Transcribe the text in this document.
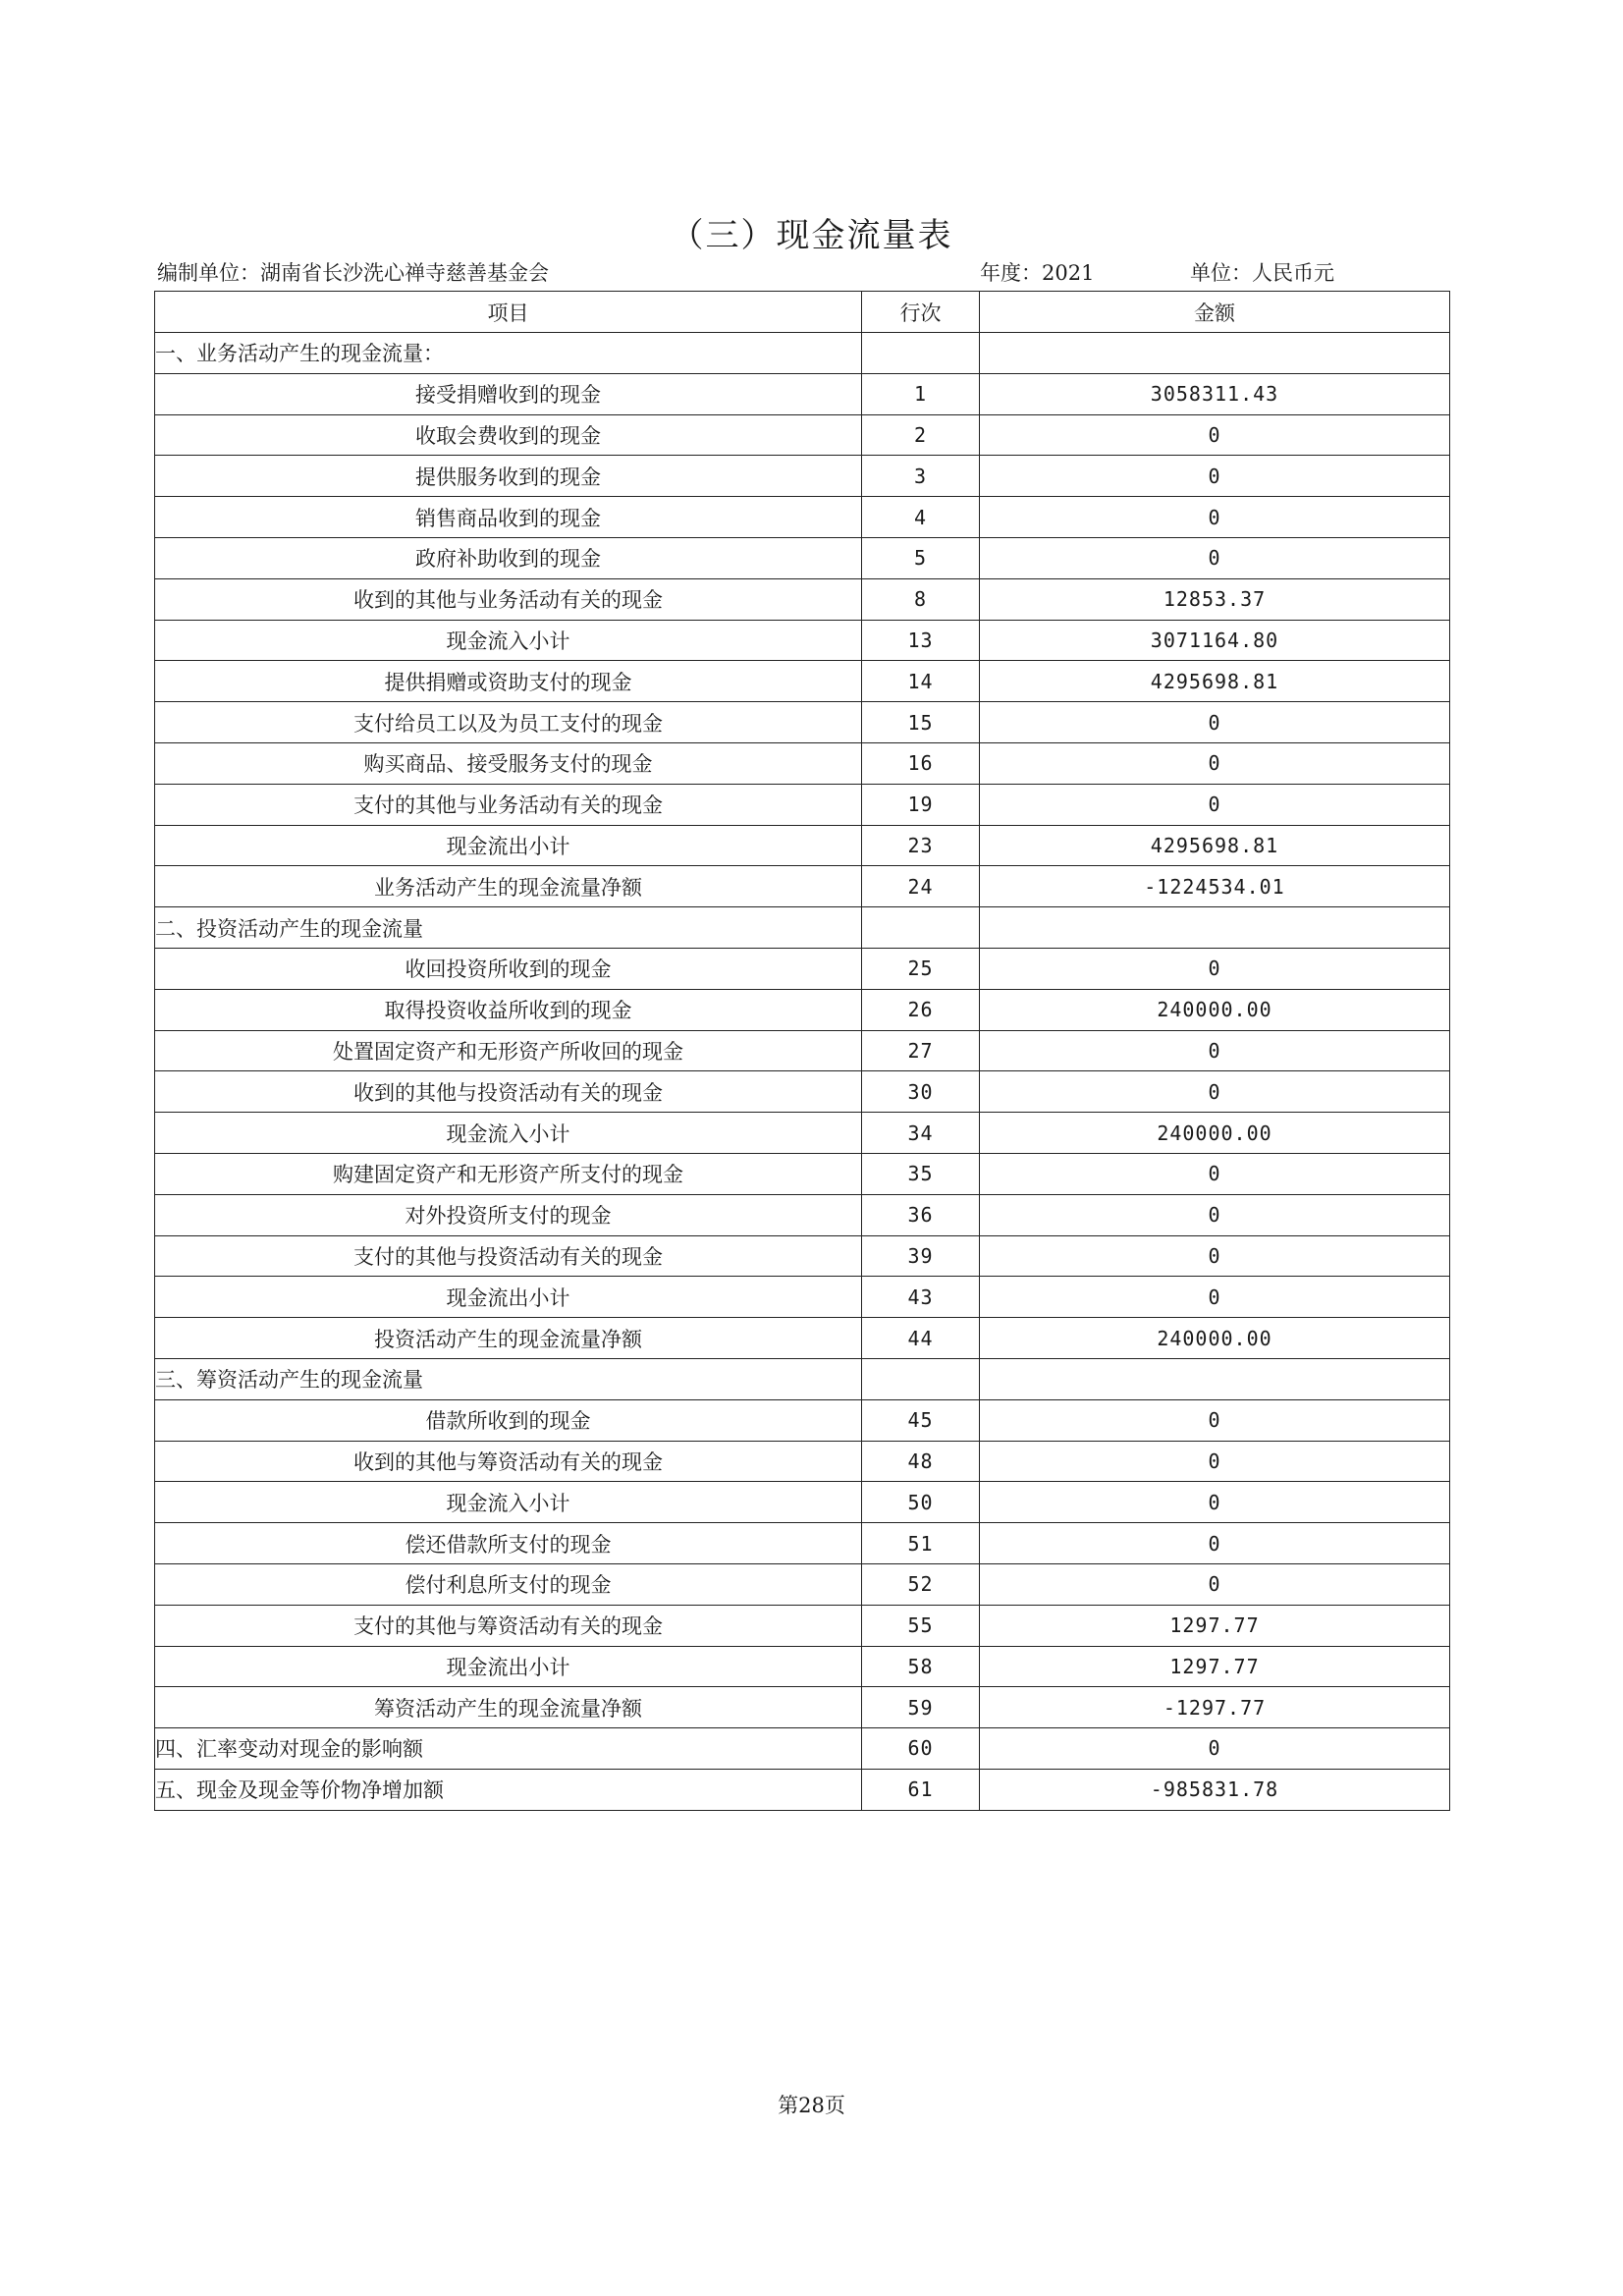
（三）现金流量表
编制单位：湖南省长沙洗心禅寺慈善基金会	年度：2021	单位：人民币元
项目	行次	金额
一、业务活动产生的现金流量：		
接受捐赠收到的现金	1	3058311.43
收取会费收到的现金	2	0
提供服务收到的现金	3	0
销售商品收到的现金	4	0
政府补助收到的现金	5	0
收到的其他与业务活动有关的现金	8	12853.37
现金流入小计	13	3071164.80
提供捐赠或资助支付的现金	14	4295698.81
支付给员工以及为员工支付的现金	15	0
购买商品、接受服务支付的现金	16	0
支付的其他与业务活动有关的现金	19	0
现金流出小计	23	4295698.81
业务活动产生的现金流量净额	24	-1224534.01
二、投资活动产生的现金流量		
收回投资所收到的现金	25	0
取得投资收益所收到的现金	26	240000.00
处置固定资产和无形资产所收回的现金	27	0
收到的其他与投资活动有关的现金	30	0
现金流入小计	34	240000.00
购建固定资产和无形资产所支付的现金	35	0
对外投资所支付的现金	36	0
支付的其他与投资活动有关的现金	39	0
现金流出小计	43	0
投资活动产生的现金流量净额	44	240000.00
三、筹资活动产生的现金流量		
借款所收到的现金	45	0
收到的其他与筹资活动有关的现金	48	0
现金流入小计	50	0
偿还借款所支付的现金	51	0
偿付利息所支付的现金	52	0
支付的其他与筹资活动有关的现金	55	1297.77
现金流出小计	58	1297.77
筹资活动产生的现金流量净额	59	-1297.77
四、汇率变动对现金的影响额	60	0
五、现金及现金等价物净增加额	61	-985831.78
第28页
